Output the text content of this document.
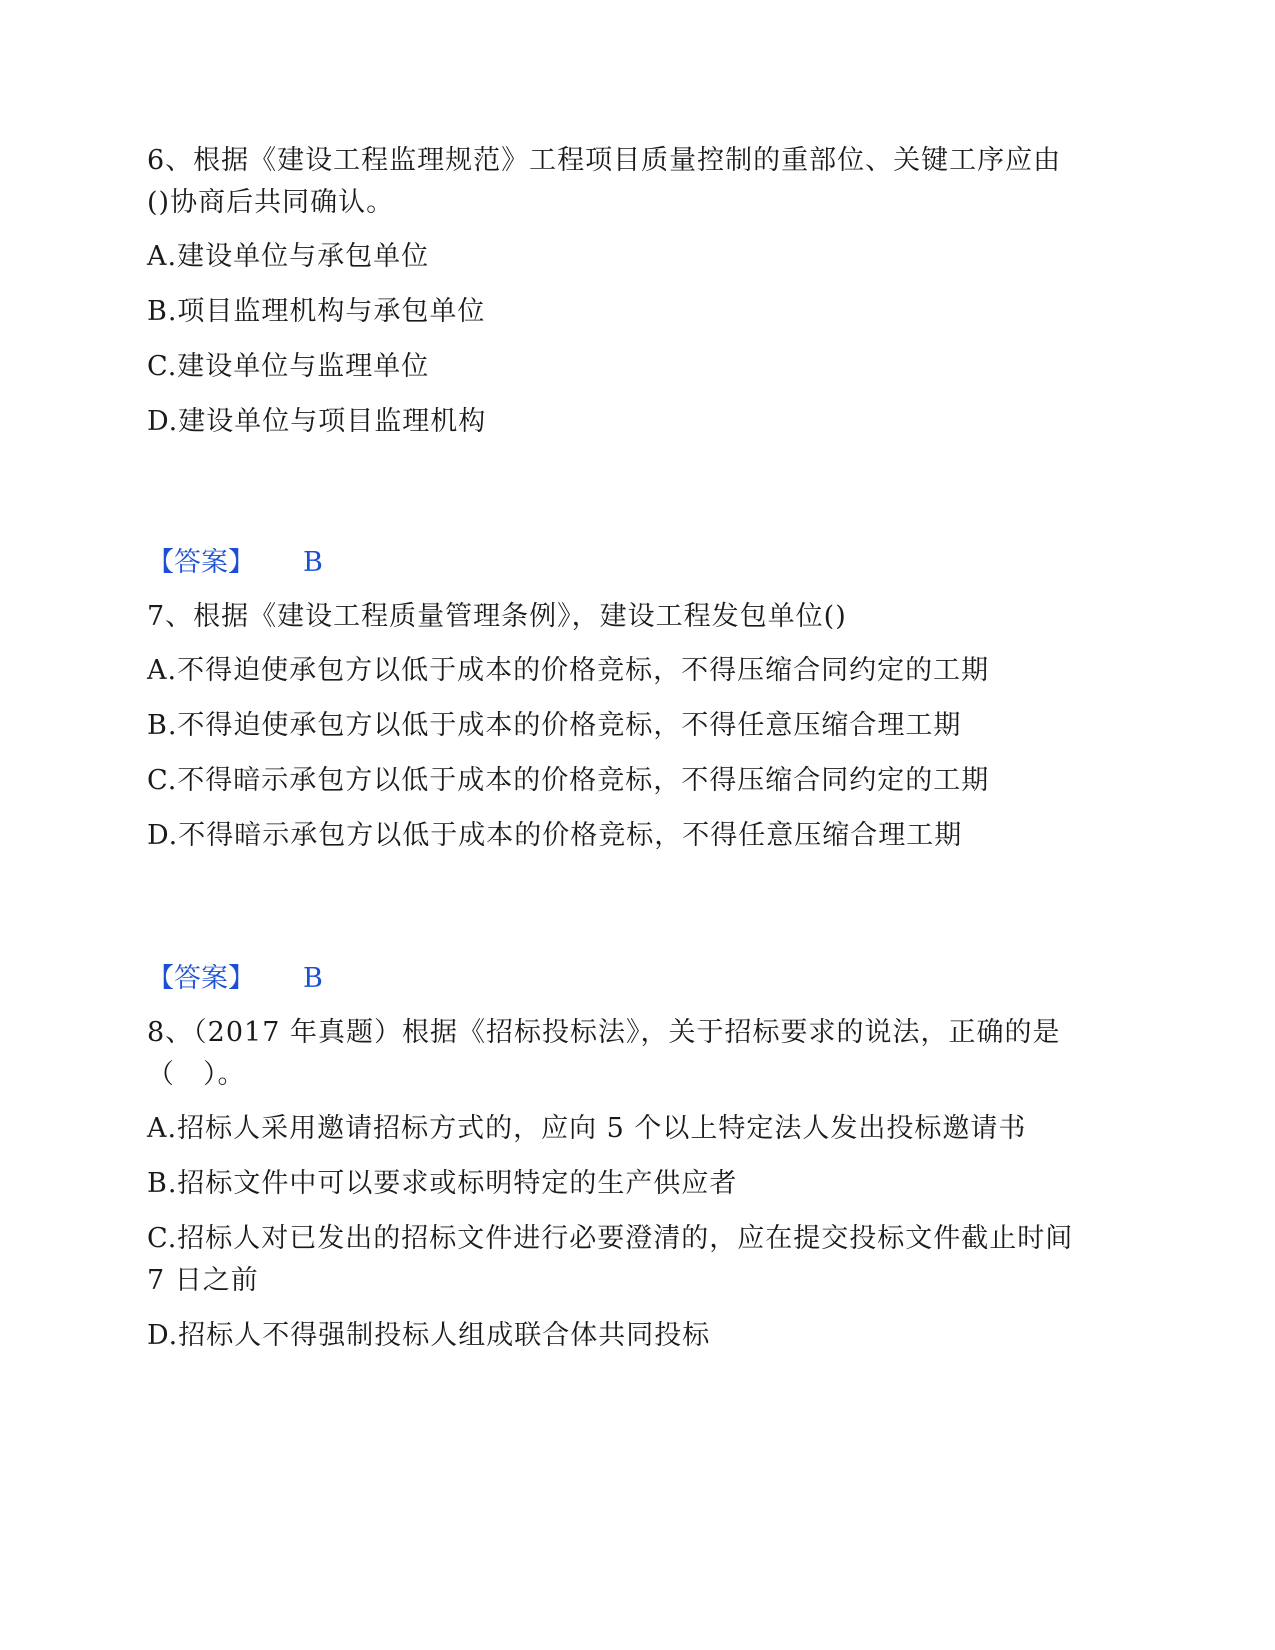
6、根据《建设工程监理规范》工程项目质量控制的重部位、关键工序应由
()协商后共同确认。

A.建设单位与承包单位

B.项目监理机构与承包单位

C.建设单位与监理单位

D.建设单位与项目监理机构

【答案】 B

7、根据《建设工程质量管理条例》，建设工程发包单位()

A.不得迫使承包方以低于成本的价格竞标，不得压缩合同约定的工期

B.不得迫使承包方以低于成本的价格竞标，不得任意压缩合理工期

C.不得暗示承包方以低于成本的价格竞标，不得压缩合同约定的工期

D.不得暗示承包方以低于成本的价格竞标，不得任意压缩合理工期

【答案】 B

8、（2017 年真题）根据《招标投标法》，关于招标要求的说法，正确的是
（　）。

A.招标人采用邀请招标方式的，应向 5 个以上特定法人发出投标邀请书

B.招标文件中可以要求或标明特定的生产供应者

C.招标人对已发出的招标文件进行必要澄清的，应在提交投标文件截止时间
7 日之前

D.招标人不得强制投标人组成联合体共同投标
